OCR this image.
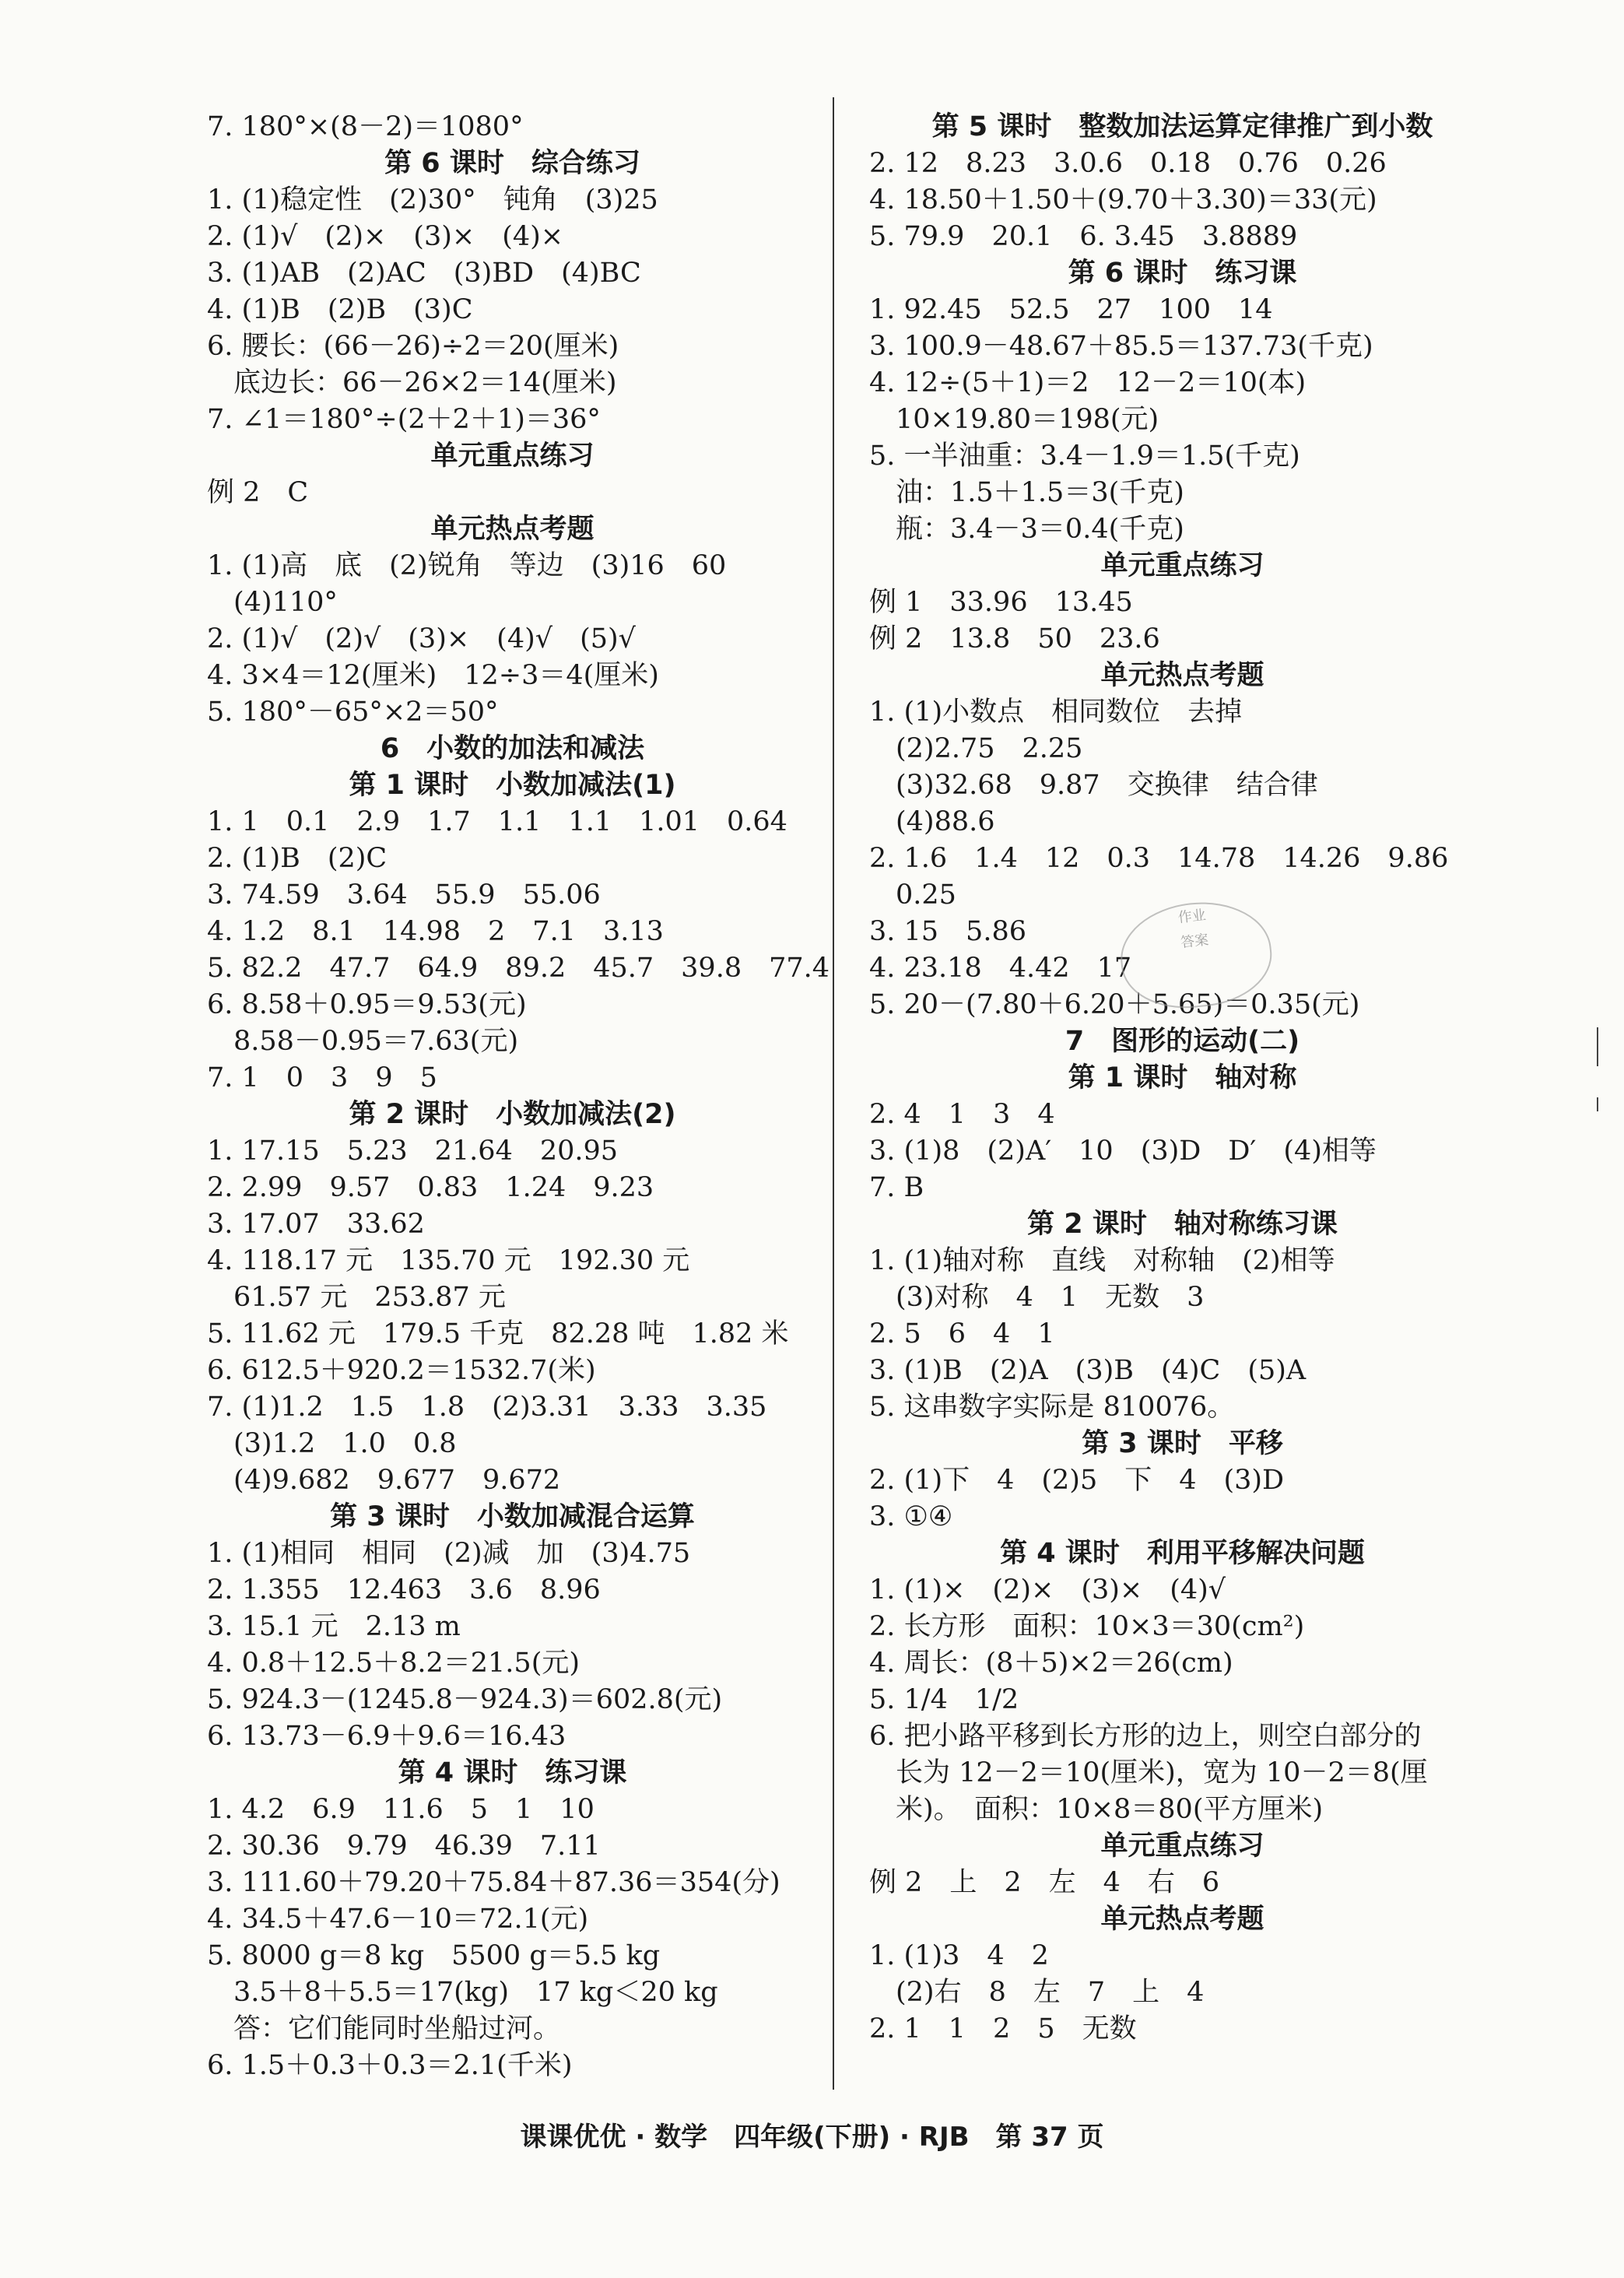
7. 180°×(8－2)＝1080°
第 6 课时　综合练习
1. (1)稳定性　(2)30°　钝角　(3)25
2. (1)√　(2)×　(3)×　(4)×
3. (1)AB　(2)AC　(3)BD　(4)BC
4. (1)B　(2)B　(3)C
6. 腰长：(66－26)÷2＝20(厘米)
底边长：66－26×2＝14(厘米)
7. ∠1＝180°÷(2＋2＋1)＝36°
单元重点练习
例 2　C
单元热点考题
1. (1)高　底　(2)锐角　等边　(3)16　60
(4)110°
2. (1)√　(2)√　(3)×　(4)√　(5)√
4. 3×4＝12(厘米)　12÷3＝4(厘米)
5. 180°－65°×2＝50°
6　小数的加法和减法
第 1 课时　小数加减法(1)
1. 1　0.1　2.9　1.7　1.1　1.1　1.01　0.64
2. (1)B　(2)C
3. 74.59　3.64　55.9　55.06
4. 1.2　8.1　14.98　2　7.1　3.13
5. 82.2　47.7　64.9　89.2　45.7　39.8　77.4
6. 8.58＋0.95＝9.53(元)
8.58－0.95＝7.63(元)
7. 1　0　3　9　5
第 2 课时　小数加减法(2)
1. 17.15　5.23　21.64　20.95
2. 2.99　9.57　0.83　1.24　9.23
3. 17.07　33.62
4. 118.17 元　135.70 元　192.30 元
61.57 元　253.87 元
5. 11.62 元　179.5 千克　82.28 吨　1.82 米
6. 612.5＋920.2＝1532.7(米)
7. (1)1.2　1.5　1.8　(2)3.31　3.33　3.35
(3)1.2　1.0　0.8
(4)9.682　9.677　9.672
第 3 课时　小数加减混合运算
1. (1)相同　相同　(2)减　加　(3)4.75
2. 1.355　12.463　3.6　8.96
3. 15.1 元　2.13 m
4. 0.8＋12.5＋8.2＝21.5(元)
5. 924.3－(1245.8－924.3)＝602.8(元)
6. 13.73－6.9＋9.6＝16.43
第 4 课时　练习课
1. 4.2　6.9　11.6　5　1　10
2. 30.36　9.79　46.39　7.11
3. 111.60＋79.20＋75.84＋87.36＝354(分)
4. 34.5＋47.6－10＝72.1(元)
5. 8000 g＝8 kg　5500 g＝5.5 kg
3.5＋8＋5.5＝17(kg)　17 kg＜20 kg
答：它们能同时坐船过河。
6. 1.5＋0.3＋0.3＝2.1(千米)
第 5 课时　整数加法运算定律推广到小数
2. 12　8.23　3.0.6　0.18　0.76　0.26
4. 18.50＋1.50＋(9.70＋3.30)＝33(元)
5. 79.9　20.1　6. 3.45　3.8889
第 6 课时　练习课
1. 92.45　52.5　27　100　14
3. 100.9－48.67＋85.5＝137.73(千克)
4. 12÷(5＋1)＝2　12－2＝10(本)
10×19.80＝198(元)
5. 一半油重：3.4－1.9＝1.5(千克)
油：1.5＋1.5＝3(千克)
瓶：3.4－3＝0.4(千克)
单元重点练习
例 1　33.96　13.45
例 2　13.8　50　23.6
单元热点考题
1. (1)小数点　相同数位　去掉
(2)2.75　2.25
(3)32.68　9.87　交换律　结合律
(4)88.6
2. 1.6　1.4　12　0.3　14.78　14.26　9.86
0.25
3. 15　5.86
4. 23.18　4.42　17
5. 20－(7.80＋6.20＋5.65)＝0.35(元)
7　图形的运动(二)
第 1 课时　轴对称
2. 4　1　3　4
3. (1)8　(2)A′　10　(3)D　D′　(4)相等
7. B
第 2 课时　轴对称练习课
1. (1)轴对称　直线　对称轴　(2)相等
(3)对称　4　1　无数　3
2. 5　6　4　1
3. (1)B　(2)A　(3)B　(4)C　(5)A
5. 这串数字实际是 810076。
第 3 课时　平移
2. (1)下　4　(2)5　下　4　(3)D
3. ①④
第 4 课时　利用平移解决问题
1. (1)×　(2)×　(3)×　(4)√
2. 长方形　面积：10×3＝30(cm²)
4. 周长：(8＋5)×2＝26(cm)
5. 1/4　1/2
6. 把小路平移到长方形的边上，则空白部分的
长为 12－2＝10(厘米)，宽为 10－2＝8(厘
米)。　面积：10×8＝80(平方厘米)
单元重点练习
例 2　上　2　左　4　右　6
单元热点考题
1. (1)3　4　2
(2)右　8　左　7　上　4
2. 1　1　2　5　无数
作业
答案
课课优优 · 数学　四年级(下册) · RJB　第 37 页
